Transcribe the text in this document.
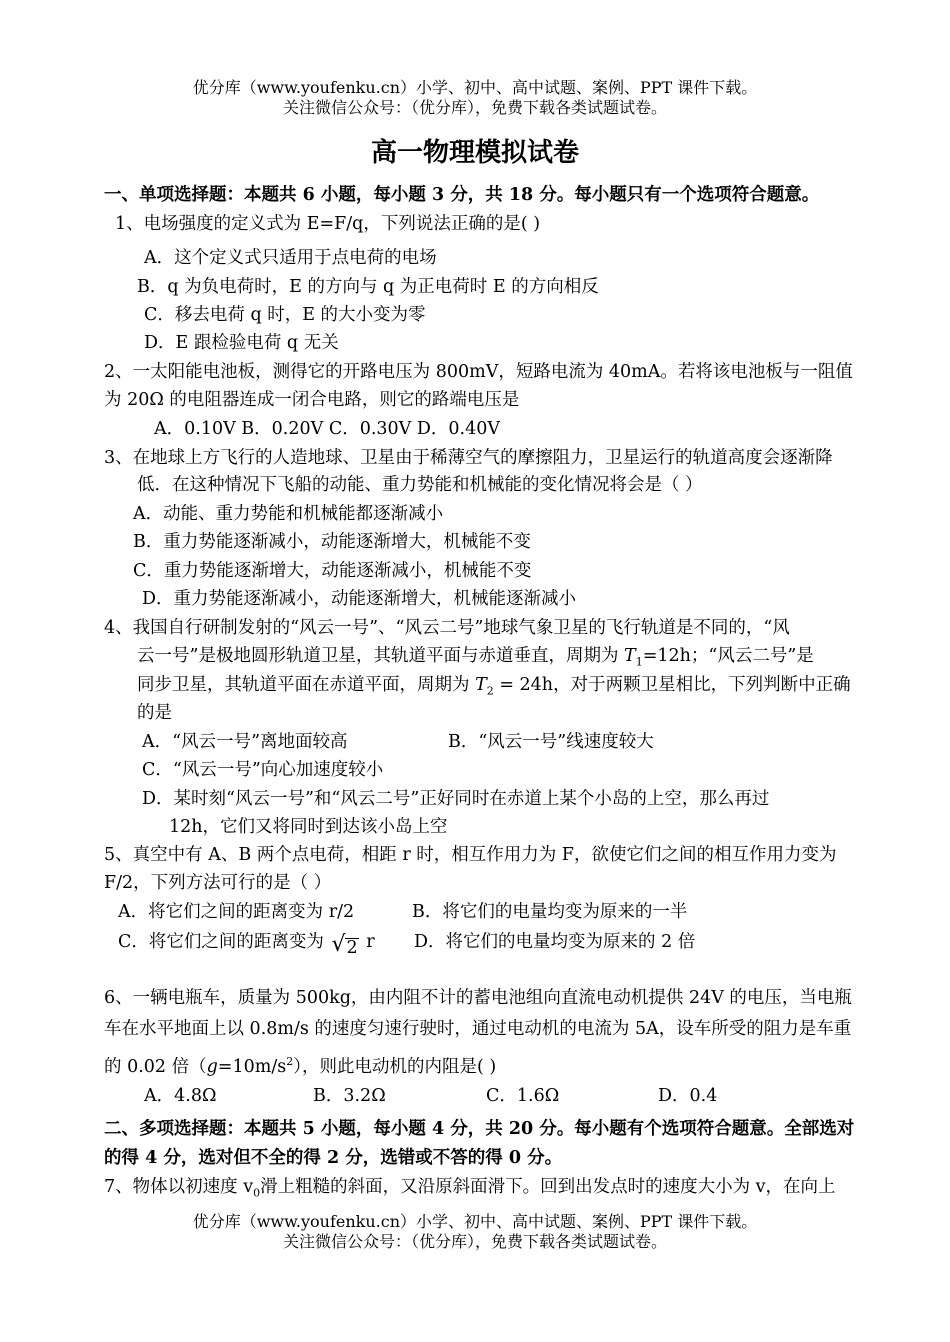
优分库（www.youfenku.cn）小学、初中、高中试题、案例、PPT 课件下载。
关注微信公众号：（优分库），免费下载各类试题试卷。
高一物理模拟试卷
一、单项选择题：本题共 6 小题，每小题 3 分，共 18 分。每小题只有一个选项符合题意。
1、电场强度的定义式为 E=F/q，下列说法正确的是( )
A．这个定义式只适用于点电荷的电场
B．q 为负电荷时，E 的方向与 q 为正电荷时 E 的方向相反
C．移去电荷 q 时，E 的大小变为零
D．E 跟检验电荷 q 无关
2、一太阳能电池板，测得它的开路电压为 800mV，短路电流为 40mA。若将该电池板与一阻值
为 20Ω 的电阻器连成一闭合电路，则它的路端电压是
A．0.10V B．0.20V C．0.30V D．0.40V
3、在地球上方飞行的人造地球、卫星由于稀薄空气的摩擦阻力，卫星运行的轨道高度会逐渐降
低．在这种情况下飞船的动能、重力势能和机械能的变化情况将会是（ ）
A．动能、重力势能和机械能都逐渐减小
B．重力势能逐渐减小，动能逐渐增大，机械能不变
C．重力势能逐渐增大，动能逐渐减小，机械能不变
D．重力势能逐渐减小，动能逐渐增大，机械能逐渐减小
4、我国自行研制发射的“风云一号”、“风云二号”地球气象卫星的飞行轨道是不同的，“风
云一号”是极地圆形轨道卫星，其轨道平面与赤道垂直，周期为 $T_1=12h$；“风云二号”是
同步卫星，其轨道平面在赤道平面，周期为 $T_2 = 24h$，对于两颗卫星相比，下列判断中正确
的是
A．“风云一号”离地面较高	B．“风云一号”线速度较大
C．“风云一号”向心加速度较小
D．某时刻“风云一号”和“风云二号”正好同时在赤道上某个小岛的上空，那么再过
12h，它们又将同时到达该小岛上空
5、真空中有 A、B 两个点电荷，相距 r 时，相互作用力为 F，欲使它们之间的相互作用力变为
F/2，下列方法可行的是（ ）
A．将它们之间的距离变为 r/2	B．将它们的电量均变为原来的一半
C．将它们之间的距离变为 √2 r D．将它们的电量均变为原来的 2 倍
6、一辆电瓶车，质量为 500kg，由内阻不计的蓄电池组向直流电动机提供 24V 的电压，当电瓶
车在水平地面上以 0.8m/s 的速度匀速行驶时，通过电动机的电流为 5A，设车所受的阻力是车重
的 0.02 倍$(g=10m/s^2)$，则此电动机的内阻是( )
A．4.8Ω	B．3.2Ω	C．1.6Ω	D．0.4
二、多项选择题：本题共 5 小题，每小题 4 分，共 20 分。每小题有个选项符合题意。全部选对
的得 4 分，选对但不全的得 2 分，选错或不答的得 0 分。
7、物体以初速度 $v_0$滑上粗糙的斜面，又沿原斜面滑下。回到出发点时的速度大小为 v，在向上
优分库（www.youfenku.cn）小学、初中、高中试题、案例、PPT 课件下载。
关注微信公众号：（优分库），免费下载各类试题试卷。
